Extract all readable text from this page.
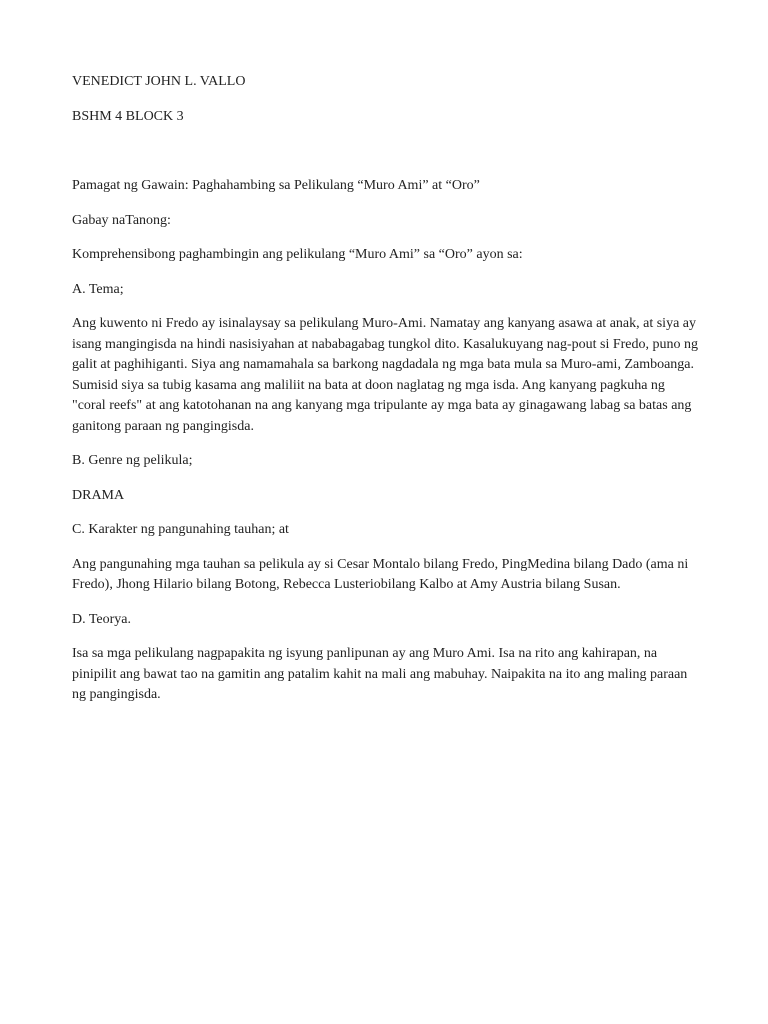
VENEDICT JOHN L. VALLO

BSHM 4 BLOCK 3

Pamagat ng Gawain: Paghahambing sa Pelikulang “Muro Ami” at “Oro”

Gabay naTanong:

Komprehensibong paghambingin ang pelikulang “Muro Ami” sa “Oro” ayon sa:

A. Tema;

Ang kuwento ni Fredo ay isinalaysay sa pelikulang Muro-Ami. Namatay ang kanyang asawa at anak, at siya ay isang mangingisda na hindi nasisiyahan at nababagabag tungkol dito. Kasalukuyang nag-pout si Fredo, puno ng galit at paghihiganti. Siya ang namamahala sa barkong nagdadala ng mga bata mula sa Muro-ami, Zamboanga. Sumisid siya sa tubig kasama ang maliliit na bata at doon naglatag ng mga isda. Ang kanyang pagkuha ng "coral reefs" at ang katotohanan na ang kanyang mga tripulante ay mga bata ay ginagawang labag sa batas ang ganitong paraan ng pangingisda.

B. Genre ng pelikula;

DRAMA

C. Karakter ng pangunahing tauhan; at

Ang pangunahing mga tauhan sa pelikula ay si Cesar Montalo bilang Fredo, PingMedina bilang Dado (ama ni Fredo), Jhong Hilario bilang Botong, Rebecca Lusteriobilang Kalbo at Amy Austria bilang Susan.

D. Teorya.

Isa sa mga pelikulang nagpapakita ng isyung panlipunan ay ang Muro Ami. Isa na rito ang kahirapan, na pinipilit ang bawat tao na gamitin ang patalim kahit na mali ang mabuhay. Naipakita na ito ang maling paraan ng pangingisda.
